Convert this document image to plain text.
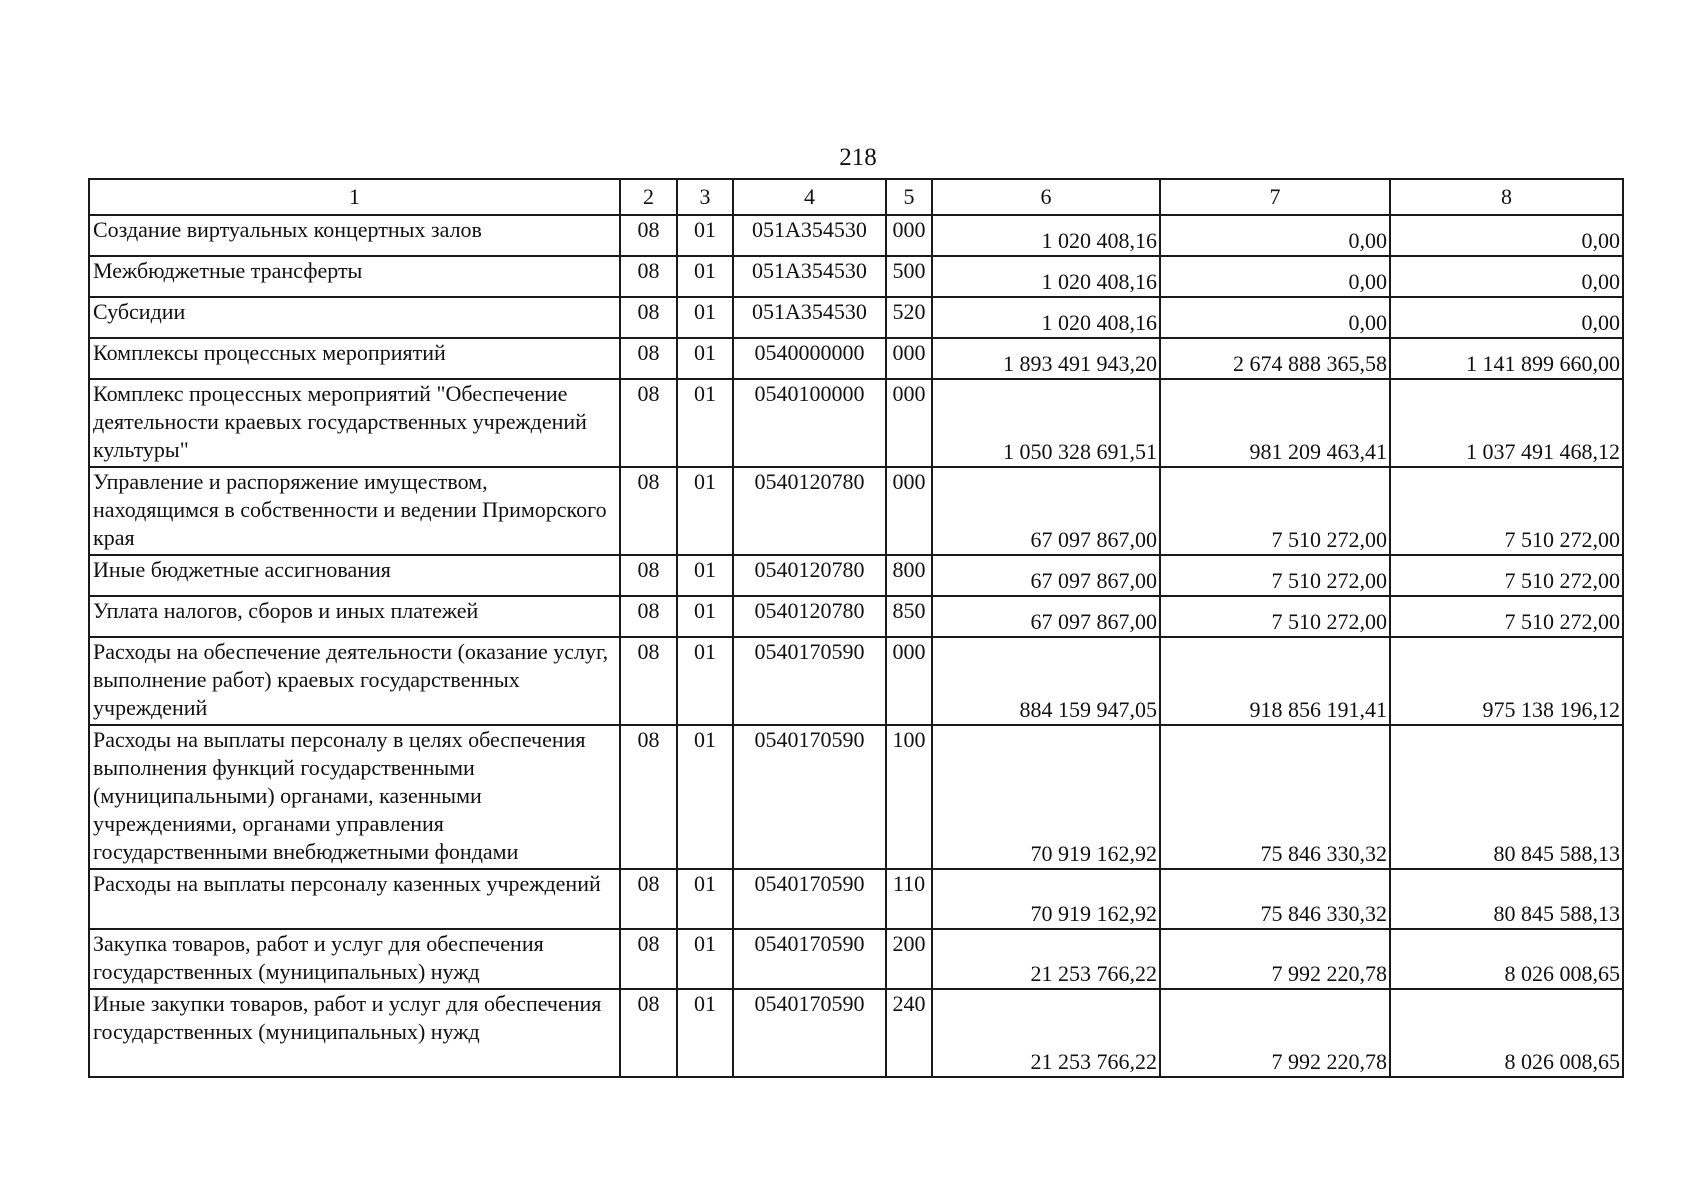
218
1	2	3	4	5	6	7	8
Создание виртуальных концертных залов	08	01	051A354530	000	1 020 408,16	0,00	0,00
Межбюджетные трансферты	08	01	051A354530	500	1 020 408,16	0,00	0,00
Субсидии	08	01	051A354530	520	1 020 408,16	0,00	0,00
Комплексы процессных мероприятий	08	01	0540000000	000	1 893 491 943,20	2 674 888 365,58	1 141 899 660,00
Комплекс процессных мероприятий "Обеспечение деятельности краевых государственных учреждений культуры"	08	01	0540100000	000	1 050 328 691,51	981 209 463,41	1 037 491 468,12
Управление и распоряжение имуществом, находящимся в собственности и ведении Приморского края	08	01	0540120780	000	67 097 867,00	7 510 272,00	7 510 272,00
Иные бюджетные ассигнования	08	01	0540120780	800	67 097 867,00	7 510 272,00	7 510 272,00
Уплата налогов, сборов и иных платежей	08	01	0540120780	850	67 097 867,00	7 510 272,00	7 510 272,00
Расходы на обеспечение деятельности (оказание услуг, выполнение работ) краевых государственных учреждений	08	01	0540170590	000	884 159 947,05	918 856 191,41	975 138 196,12
Расходы на выплаты персоналу в целях обеспечения выполнения функций государственными (муниципальными) органами, казенными учреждениями, органами управления государственными внебюджетными фондами	08	01	0540170590	100	70 919 162,92	75 846 330,32	80 845 588,13
Расходы на выплаты персоналу казенных учреждений	08	01	0540170590	110	70 919 162,92	75 846 330,32	80 845 588,13
Закупка товаров, работ и услуг для обеспечения государственных (муниципальных) нужд	08	01	0540170590	200	21 253 766,22	7 992 220,78	8 026 008,65
Иные закупки товаров, работ и услуг для обеспечения государственных (муниципальных) нужд	08	01	0540170590	240	21 253 766,22	7 992 220,78	8 026 008,65
